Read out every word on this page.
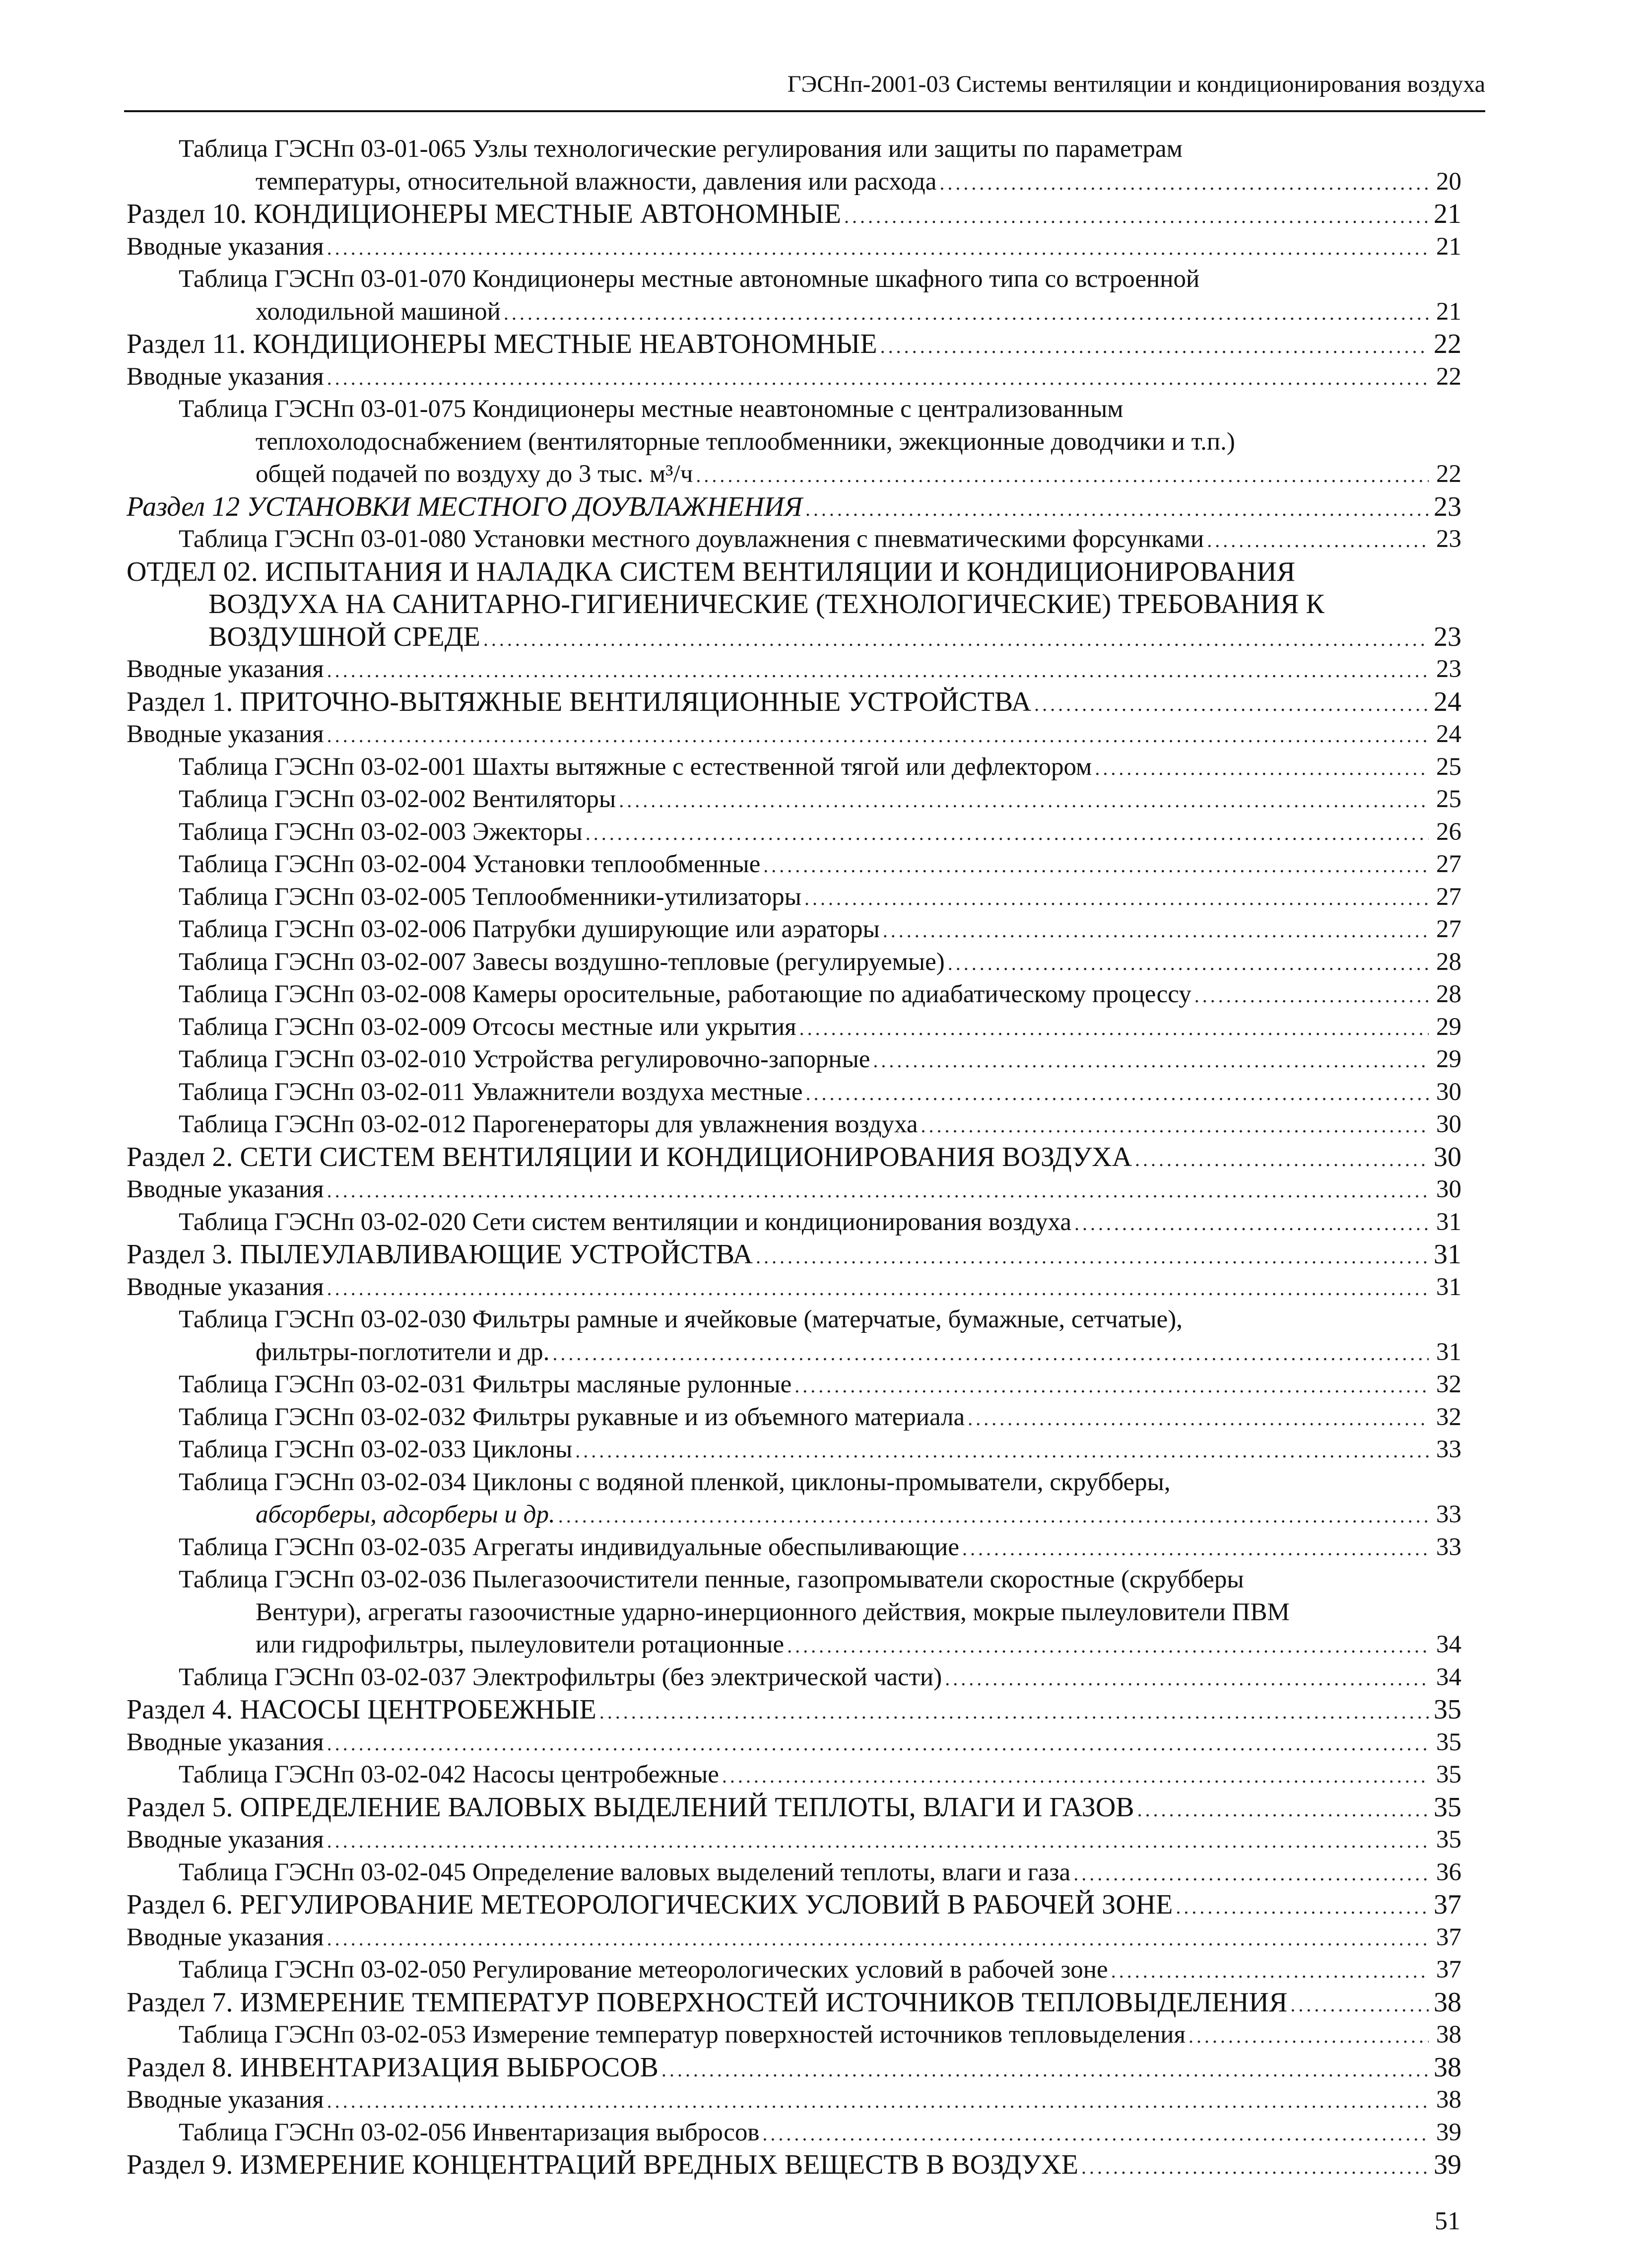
ГЭСНп-2001-03 Системы вентиляции и кондиционирования воздуха
Таблица ГЭСНп 03-01-065 Узлы технологические регулирования или защиты по параметрам
температуры, относительной влажности, давления или расхода .....	20
Раздел 10. КОНДИЦИОНЕРЫ МЕСТНЫЕ АВТОНОМНЫЕ .....	21
Вводные указания .....	21
Таблица ГЭСНп 03-01-070 Кондиционеры местные автономные шкафного типа со встроенной
холодильной машиной .....	21
Раздел 11. КОНДИЦИОНЕРЫ МЕСТНЫЕ НЕАВТОНОМНЫЕ .....	22
Вводные указания .....	22
Таблица ГЭСНп 03-01-075 Кондиционеры местные неавтономные с централизованным
теплохолодоснабжением (вентиляторные теплообменники, эжекционные доводчики и т.п.)
общей подачей по воздуху до 3 тыс. м³/ч .....	22
Раздел 12 УСТАНОВКИ МЕСТНОГО ДОУВЛАЖНЕНИЯ .....	23
Таблица ГЭСНп 03-01-080 Установки местного доувлажнения с пневматическими форсунками .....	23
ОТДЕЛ 02. ИСПЫТАНИЯ И НАЛАДКА СИСТЕМ ВЕНТИЛЯЦИИ И КОНДИЦИОНИРОВАНИЯ
ВОЗДУХА НА САНИТАРНО-ГИГИЕНИЧЕСКИЕ (ТЕХНОЛОГИЧЕСКИЕ) ТРЕБОВАНИЯ К
ВОЗДУШНОЙ СРЕДЕ .....	23
Вводные указания .....	23
Раздел 1. ПРИТОЧНО-ВЫТЯЖНЫЕ ВЕНТИЛЯЦИОННЫЕ УСТРОЙСТВА .....	24
Вводные указания .....	24
Таблица ГЭСНп 03-02-001 Шахты вытяжные с естественной тягой или дефлектором .....	25
Таблица ГЭСНп 03-02-002 Вентиляторы .....	25
Таблица ГЭСНп 03-02-003 Эжекторы .....	26
Таблица ГЭСНп 03-02-004 Установки теплообменные .....	27
Таблица ГЭСНп 03-02-005 Теплообменники-утилизаторы .....	27
Таблица ГЭСНп 03-02-006 Патрубки душирующие или аэраторы .....	27
Таблица ГЭСНп 03-02-007 Завесы воздушно-тепловые (регулируемые) .....	28
Таблица ГЭСНп 03-02-008 Камеры оросительные, работающие по адиабатическому процессу .....	28
Таблица ГЭСНп 03-02-009 Отсосы местные или укрытия .....	29
Таблица ГЭСНп 03-02-010 Устройства регулировочно-запорные .....	29
Таблица ГЭСНп 03-02-011 Увлажнители воздуха местные .....	30
Таблица ГЭСНп 03-02-012 Парогенераторы для увлажнения воздуха .....	30
Раздел 2. СЕТИ СИСТЕМ ВЕНТИЛЯЦИИ И КОНДИЦИОНИРОВАНИЯ ВОЗДУХА .....	30
Вводные указания .....	30
Таблица ГЭСНп 03-02-020 Сети систем вентиляции и кондиционирования воздуха .....	31
Раздел 3. ПЫЛЕУЛАВЛИВАЮЩИЕ УСТРОЙСТВА .....	31
Вводные указания .....	31
Таблица ГЭСНп 03-02-030 Фильтры рамные и ячейковые (матерчатые, бумажные, сетчатые),
фильтры-поглотители и др. .....	31
Таблица ГЭСНп 03-02-031 Фильтры масляные рулонные .....	32
Таблица ГЭСНп 03-02-032 Фильтры рукавные и из объемного материала .....	32
Таблица ГЭСНп 03-02-033 Циклоны .....	33
Таблица ГЭСНп 03-02-034 Циклоны с водяной пленкой, циклоны-промыватели, скрубберы,
абсорберы, адсорберы и др. .....	33
Таблица ГЭСНп 03-02-035 Агрегаты индивидуальные обеспыливающие .....	33
Таблица ГЭСНп 03-02-036 Пылегазоочистители пенные, газопромыватели скоростные (скрубберы
Вентури), агрегаты газоочистные ударно-инерционного действия, мокрые пылеуловители ПВМ
или гидрофильтры, пылеуловители ротационные .....	34
Таблица ГЭСНп 03-02-037 Электрофильтры (без электрической части) .....	34
Раздел 4. НАСОСЫ ЦЕНТРОБЕЖНЫЕ .....	35
Вводные указания .....	35
Таблица ГЭСНп 03-02-042 Насосы центробежные .....	35
Раздел 5. ОПРЕДЕЛЕНИЕ ВАЛОВЫХ ВЫДЕЛЕНИЙ ТЕПЛОТЫ, ВЛАГИ И ГАЗОВ .....	35
Вводные указания .....	35
Таблица ГЭСНп 03-02-045 Определение валовых выделений теплоты, влаги и газа .....	36
Раздел 6. РЕГУЛИРОВАНИЕ МЕТЕОРОЛОГИЧЕСКИХ УСЛОВИЙ В РАБОЧЕЙ ЗОНЕ .....	37
Вводные указания .....	37
Таблица ГЭСНп 03-02-050 Регулирование метеорологических условий в рабочей зоне .....	37
Раздел 7. ИЗМЕРЕНИЕ ТЕМПЕРАТУР ПОВЕРХНОСТЕЙ ИСТОЧНИКОВ ТЕПЛОВЫДЕЛЕНИЯ .....	38
Таблица ГЭСНп 03-02-053 Измерение температур поверхностей источников тепловыделения .....	38
Раздел 8. ИНВЕНТАРИЗАЦИЯ ВЫБРОСОВ .....	38
Вводные указания .....	38
Таблица ГЭСНп 03-02-056 Инвентаризация выбросов .....	39
Раздел 9. ИЗМЕРЕНИЕ КОНЦЕНТРАЦИЙ ВРЕДНЫХ ВЕЩЕСТВ В ВОЗДУХЕ .....	39
51
